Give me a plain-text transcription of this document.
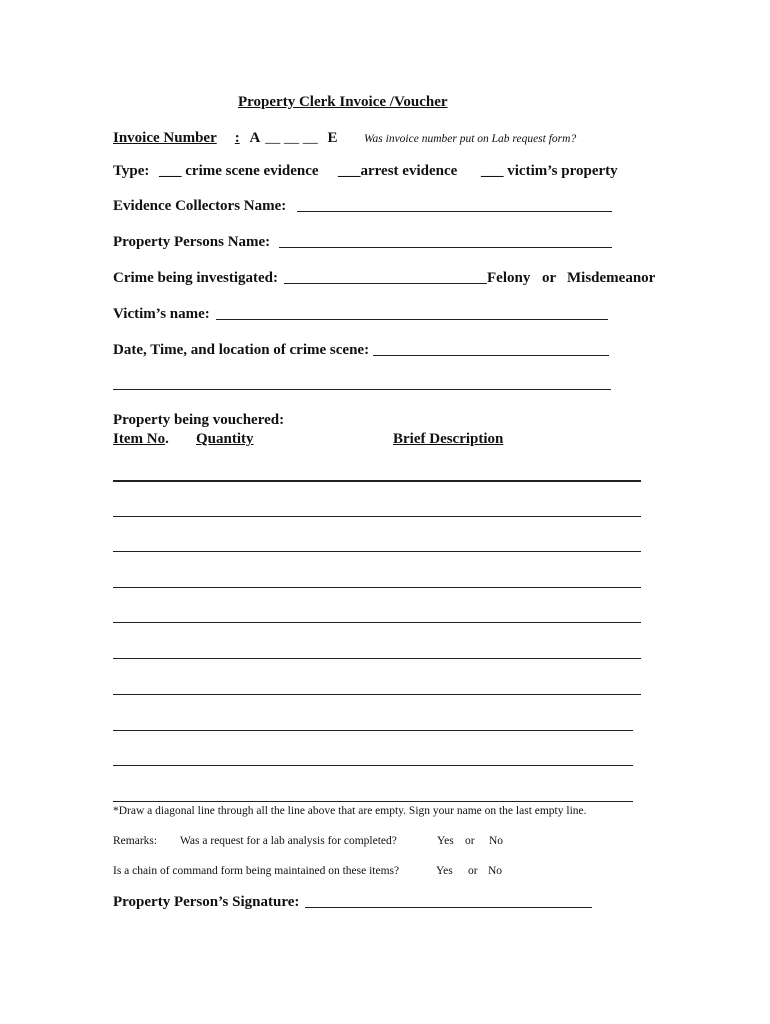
Property Clerk Invoice /Voucher
Invoice Number : A __ __ __ E Was invoice number put on Lab request form?
Type: ___ crime scene evidence ___arrest evidence ___ victim’s property
Evidence Collectors Name:
Property Persons Name:
Crime being investigated:	Felony or Misdemeanor
Victim’s name:
Date, Time, and location of crime scene:
Property being vouchered:
Item No. Quantity	Brief Description
*Draw a diagonal line through all the line above that are empty. Sign your name on the last empty line.
Remarks: Was a request for a lab analysis for completed?	Yes or No
Is a chain of command form being maintained on these items?	Yes or No
Property Person’s Signature:
